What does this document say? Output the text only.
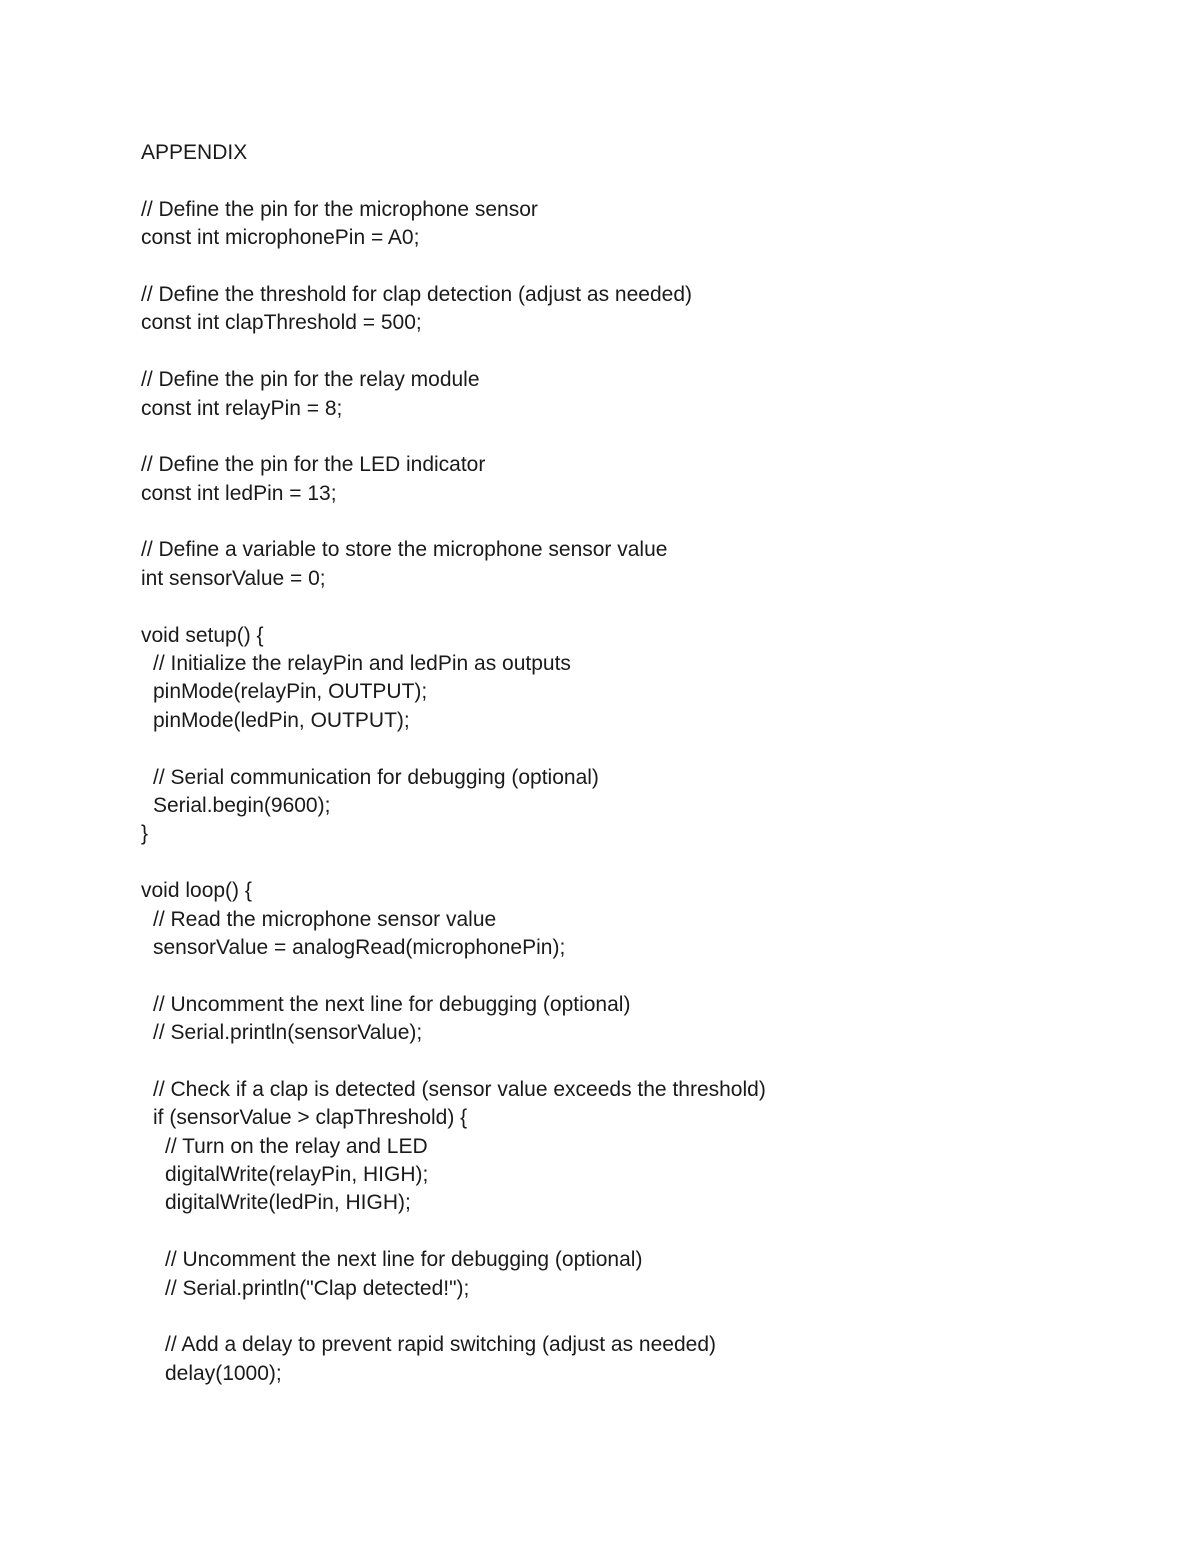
APPENDIX
// Define the pin for the microphone sensor
const int microphonePin = A0;
// Define the threshold for clap detection (adjust as needed)
const int clapThreshold = 500;
// Define the pin for the relay module
const int relayPin = 8;
// Define the pin for the LED indicator
const int ledPin = 13;
// Define a variable to store the microphone sensor value
int sensorValue = 0;
void setup() {
// Initialize the relayPin and ledPin as outputs
pinMode(relayPin, OUTPUT);
pinMode(ledPin, OUTPUT);
// Serial communication for debugging (optional)
Serial.begin(9600);
}
void loop() {
// Read the microphone sensor value
sensorValue = analogRead(microphonePin);
// Uncomment the next line for debugging (optional)
// Serial.println(sensorValue);
// Check if a clap is detected (sensor value exceeds the threshold)
if (sensorValue > clapThreshold) {
// Turn on the relay and LED
digitalWrite(relayPin, HIGH);
digitalWrite(ledPin, HIGH);
// Uncomment the next line for debugging (optional)
// Serial.println("Clap detected!");
// Add a delay to prevent rapid switching (adjust as needed)
delay(1000);
